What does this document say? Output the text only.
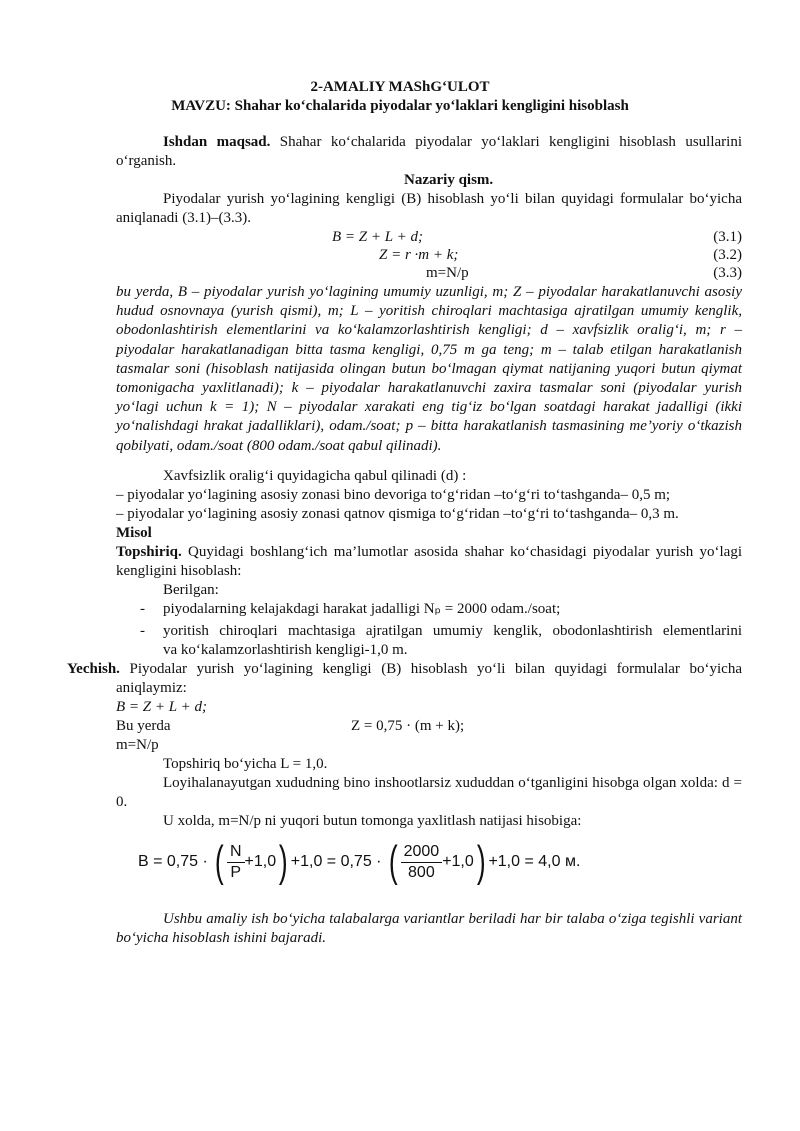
2-AMALIY MAShG‘ULOT
MAVZU: Shahar ko‘chalarida piyodalar yo‘laklari kengligini hisoblash
Ishdan maqsad. Shahar ko‘chalarida piyodalar yo‘laklari kengligini hisoblash usullarini o‘rganish.
Nazariy qism.
Piyodalar yurish yo‘lagining kengligi (B) hisoblash yo‘li bilan quyidagi formulalar bo‘yicha aniqlanadi (3.1)–(3.3).
B = Z + L + d;	(3.1)
Z = r ·m + k;	(3.2)
m=N/p	(3.3)
bu yerda, B – piyodalar yurish yo‘lagining umumiy uzunligi, m; Z – piyodalar harakatlanuvchi asosiy hudud osnovnaya (yurish qismi), m; L – yoritish chiroqlari machtasiga ajratilgan umumiy kenglik, obodonlashtirish elementlarini va ko‘kalamzorlashtirish kengligi; d – xavfsizlik oralig‘i, m; r – piyodalar harakatlanadigan bitta tasma kengligi, 0,75 m ga teng; m – talab etilgan harakatlanish tasmalar soni (hisoblash natijasida olingan butun bo‘lmagan qiymat natijaning yuqori butun qiymat tomonigacha yaxlitlanadi); k – piyodalar harakatlanuvchi zaxira tasmalar soni (piyodalar yurish yo‘lagi uchun k = 1); N – piyodalar xarakati eng tig‘iz bo‘lgan soatdagi harakat jadalligi (ikki yo‘nalishdagi hrakat jadalliklari), odam./soat; p – bitta harakatlanish tasmasining me’yoriy o‘tkazish qobilyati, odam./soat (800 odam./soat qabul qilinadi).
Xavfsizlik oralig‘i quyidagicha qabul qilinadi (d) :
– piyodalar yo‘lagining asosiy zonasi bino devoriga to‘g‘ridan –to‘g‘ri to‘tashganda– 0,5 m;
– piyodalar yo‘lagining asosiy zonasi qatnov qismiga to‘g‘ridan –to‘g‘ri to‘tashganda– 0,3 m.
Misol
Topshiriq. Quyidagi boshlang‘ich ma’lumotlar asosida shahar ko‘chasidagi piyodalar yurish yo‘lagi kengligini hisoblash:
Berilgan:
- piyodalarning kelajakdagi harakat jadalligi Nₚ = 2000 odam./soat;
- yoritish chiroqlari machtasiga ajratilgan umumiy kenglik, obodonlashtirish elementlarini
va ko‘kalamzorlashtirish kengligi-1,0 m.
Yechish. Piyodalar yurish yo‘lagining kengligi (B) hisoblash yo‘li bilan quyidagi formulalar bo‘yicha
aniqlaymiz:
B = Z + L + d;
Bu yerda	Z = 0,75 · (m + k);
m=N/p
Topshiriq bo‘yicha L = 1,0.
Loyihalanayutgan xududning bino inshootlarsiz xududdan o‘tganligini hisobga olgan xolda: d = 0.
U xolda, m=N/p ni yuqori butun tomonga yaxlitlash natijasi hisobiga:
B = 0,75 · ( $\frac{N}{P} +1,0) +1,0 = 0,75$ · ( $\frac{2000}{800} +1,0) +1,0 = 4,0$ м.
Ushbu amaliy ish bo‘yicha talabalarga variantlar beriladi har bir talaba o‘ziga tegishli variant bo‘yicha hisoblash ishini bajaradi.
